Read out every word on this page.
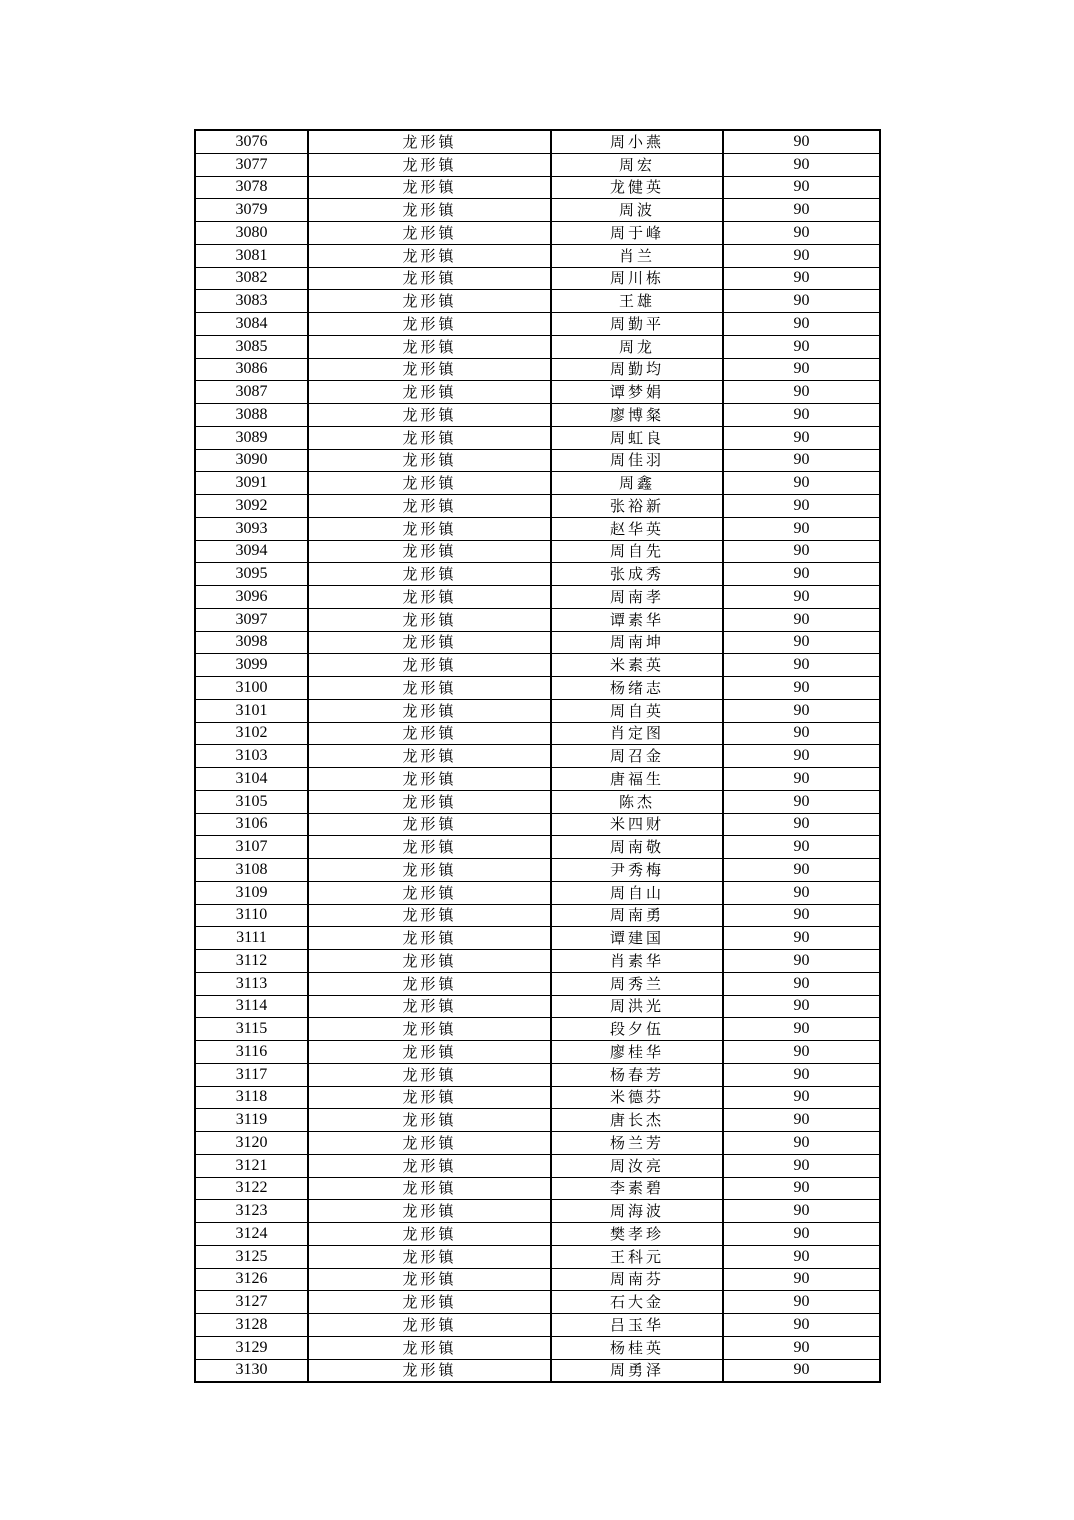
3076	龙形镇	周小燕	90
3077	龙形镇	周宏	90
3078	龙形镇	龙健英	90
3079	龙形镇	周波	90
3080	龙形镇	周于峰	90
3081	龙形镇	肖兰	90
3082	龙形镇	周川栋	90
3083	龙形镇	王雄	90
3084	龙形镇	周勤平	90
3085	龙形镇	周龙	90
3086	龙形镇	周勤均	90
3087	龙形镇	谭梦娟	90
3088	龙形镇	廖博粲	90
3089	龙形镇	周虹良	90
3090	龙形镇	周佳羽	90
3091	龙形镇	周鑫	90
3092	龙形镇	张裕新	90
3093	龙形镇	赵华英	90
3094	龙形镇	周自先	90
3095	龙形镇	张成秀	90
3096	龙形镇	周南孝	90
3097	龙形镇	谭素华	90
3098	龙形镇	周南坤	90
3099	龙形镇	米素英	90
3100	龙形镇	杨绪志	90
3101	龙形镇	周自英	90
3102	龙形镇	肖定图	90
3103	龙形镇	周召金	90
3104	龙形镇	唐福生	90
3105	龙形镇	陈杰	90
3106	龙形镇	米四财	90
3107	龙形镇	周南敬	90
3108	龙形镇	尹秀梅	90
3109	龙形镇	周自山	90
3110	龙形镇	周南勇	90
3111	龙形镇	谭建国	90
3112	龙形镇	肖素华	90
3113	龙形镇	周秀兰	90
3114	龙形镇	周洪光	90
3115	龙形镇	段夕伍	90
3116	龙形镇	廖桂华	90
3117	龙形镇	杨春芳	90
3118	龙形镇	米德芬	90
3119	龙形镇	唐长杰	90
3120	龙形镇	杨兰芳	90
3121	龙形镇	周汝亮	90
3122	龙形镇	李素碧	90
3123	龙形镇	周海波	90
3124	龙形镇	樊孝珍	90
3125	龙形镇	王科元	90
3126	龙形镇	周南芬	90
3127	龙形镇	石大金	90
3128	龙形镇	吕玉华	90
3129	龙形镇	杨桂英	90
3130	龙形镇	周勇泽	90
